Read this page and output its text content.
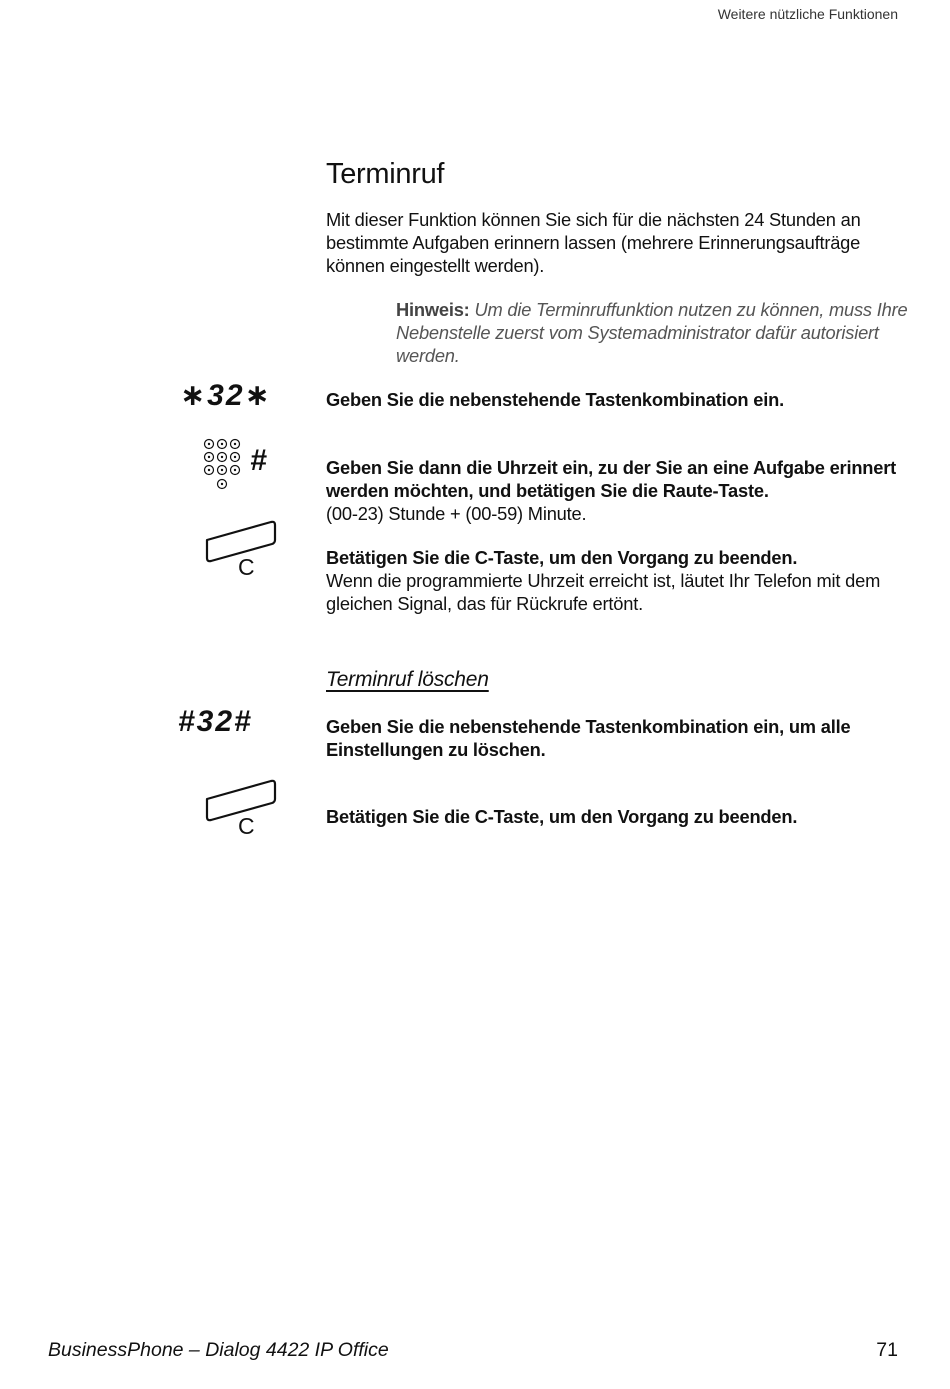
Weitere nützliche Funktionen
Terminruf
Mit dieser Funktion können Sie sich für die nächsten 24 Stunden an bestimmte Aufgaben erinnern lassen (mehrere Erinnerungsaufträge können eingestellt werden).
Hinweis: Um die Terminruffunktion nutzen zu können, muss Ihre Nebenstelle zuerst vom Systemadministrator dafür autorisiert werden.
∗32∗	Geben Sie die nebenstehende Tastenkombination ein.
#	Geben Sie dann die Uhrzeit ein, zu der Sie an eine Aufgabe erinnert werden möchten, und betätigen Sie die Raute-Taste.
(00-23) Stunde + (00-59) Minute.
C	Betätigen Sie die C-Taste, um den Vorgang zu beenden.
Wenn die programmierte Uhrzeit erreicht ist, läutet Ihr Telefon mit dem gleichen Signal, das für Rückrufe ertönt.
Terminruf löschen
#32#	Geben Sie die nebenstehende Tastenkombination ein, um alle Einstellungen zu löschen.
C	Betätigen Sie die C-Taste, um den Vorgang zu beenden.
BusinessPhone – Dialog 4422 IP Office	71
